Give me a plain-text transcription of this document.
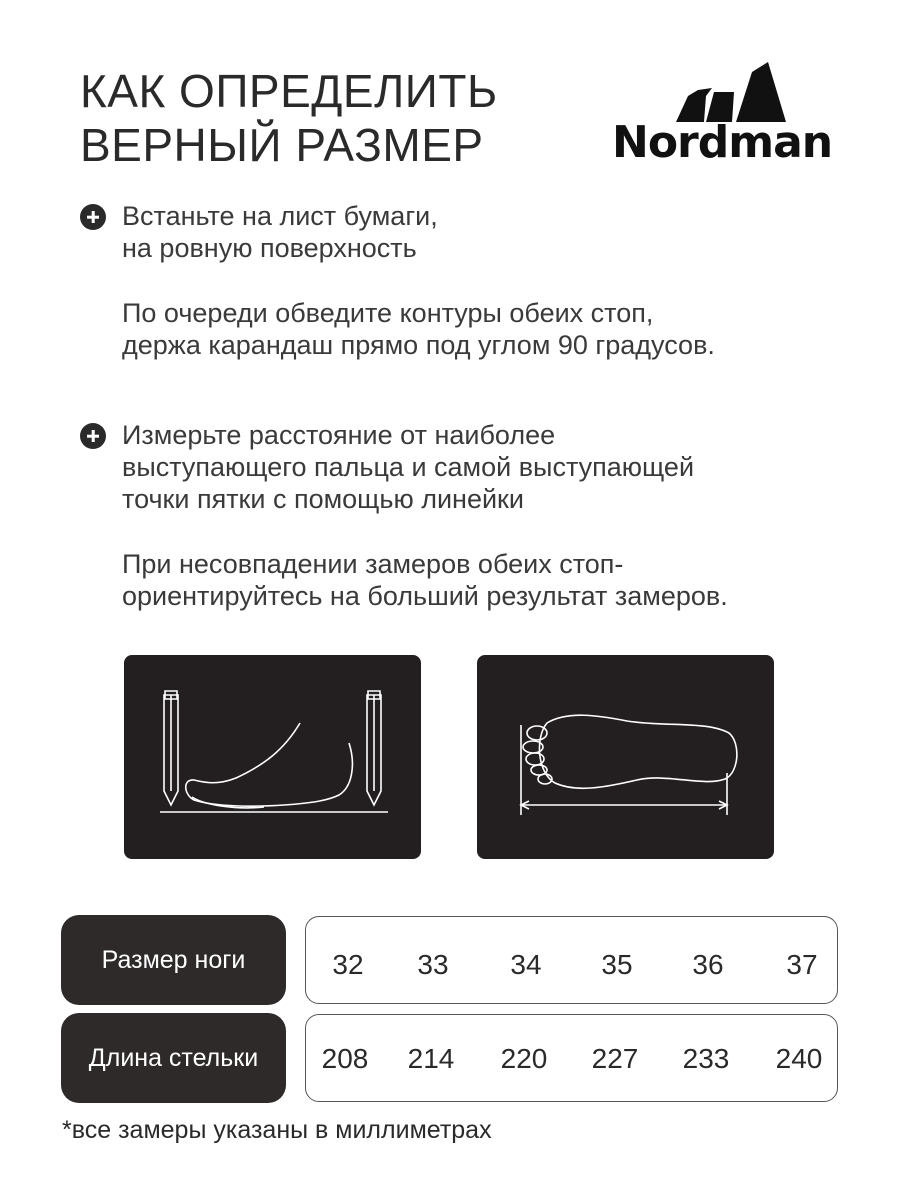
КАК ОПРЕДЕЛИТЬ
ВЕРНЫЙ РАЗМЕР	Nordman

Встаньте на лист бумаги,
на ровную поверхность

По очереди обведите контуры обеих стоп,
держа карандаш прямо под углом 90 градусов.

Измерьте расстояние от наиболее
выступающего пальца и самой выступающей
точки пятки с помощью линейки

При несовпадении замеров обеих стоп-
ориентируйтесь на больший результат замеров.

Размер ноги	32 33 34 35 36 37
Длина стельки	208 214 220 227 233 240
*все замеры указаны в миллиметрах
